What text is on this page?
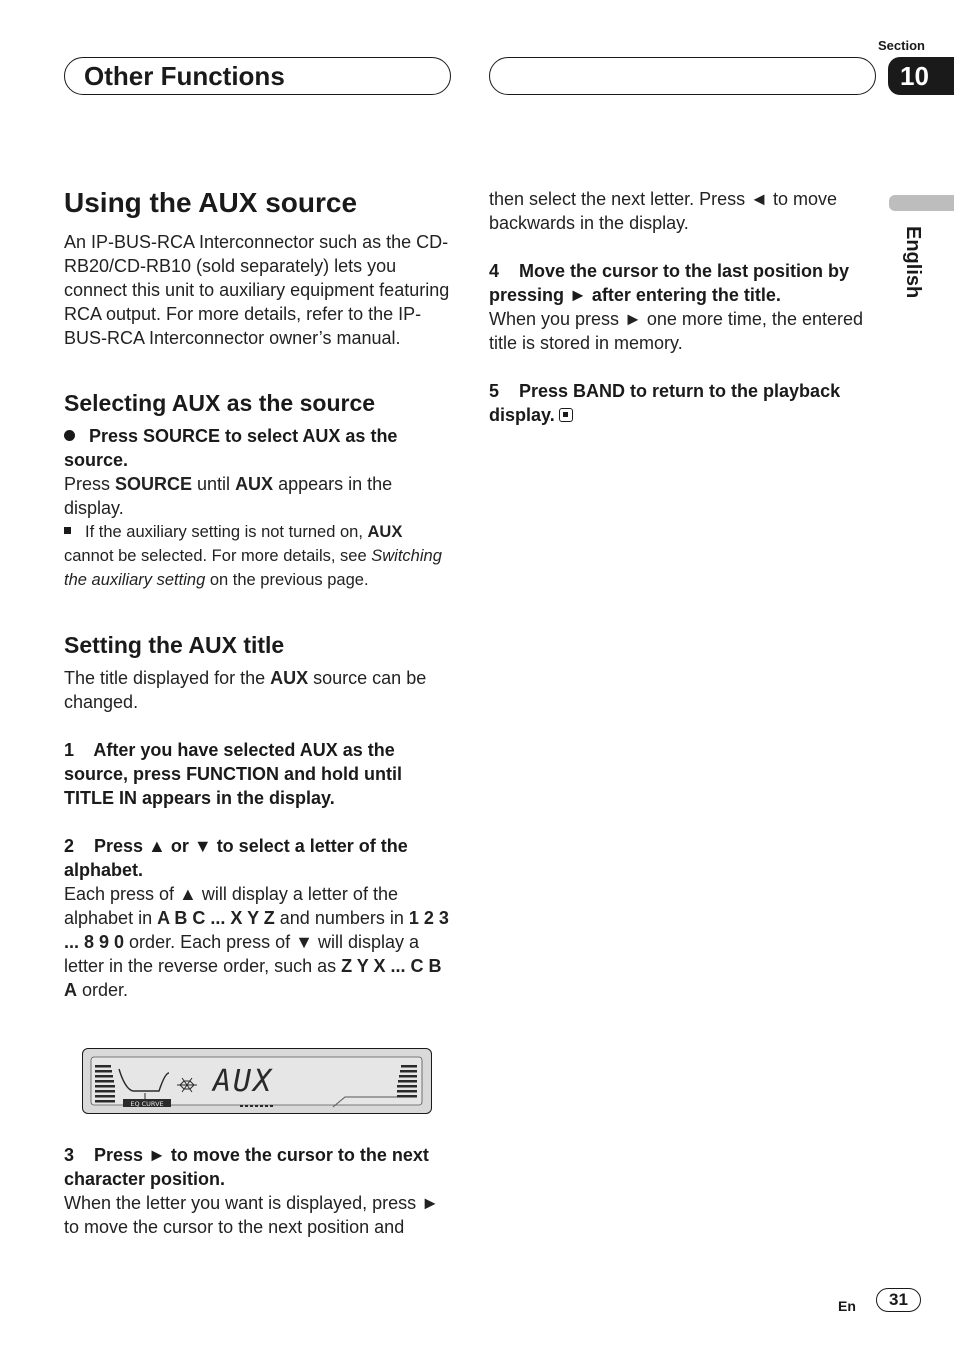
Section
Other Functions	10
English
Using the AUX source

An IP-BUS-RCA Interconnector such as the CD-RB20/CD-RB10 (sold separately) lets you connect this unit to auxiliary equipment featuring RCA output. For more details, refer to the IP-BUS-RCA Interconnector owner’s manual.

Selecting AUX as the source

Press SOURCE to select AUX as the source.

Press SOURCE until AUX appears in the display.

If the auxiliary setting is not turned on, AUX cannot be selected. For more details, see Switching the auxiliary setting on the previous page.

Setting the AUX title

The title displayed for the AUX source can be changed.

1    After you have selected AUX as the source, press FUNCTION and hold until TITLE IN appears in the display.

2    Press ▲ or ▼ to select a letter of the alphabet.

Each press of ▲ will display a letter of the alphabet in A B C ... X Y Z and numbers in 1 2 3 ... 8 9 0 order. Each press of ▼ will display a letter in the reverse order, such as Z Y X ... C B A order.

EQ CURVE
AUX

3    Press ► to move the cursor to the next character position.

When the letter you want is displayed, press ► to move the cursor to the next position and

then select the next letter. Press ◄ to move backwards in the display.

4    Move the cursor to the last position by pressing ► after entering the title.

When you press ► one more time, the entered title is stored in memory.

5    Press BAND to return to the playback display.

En	31
